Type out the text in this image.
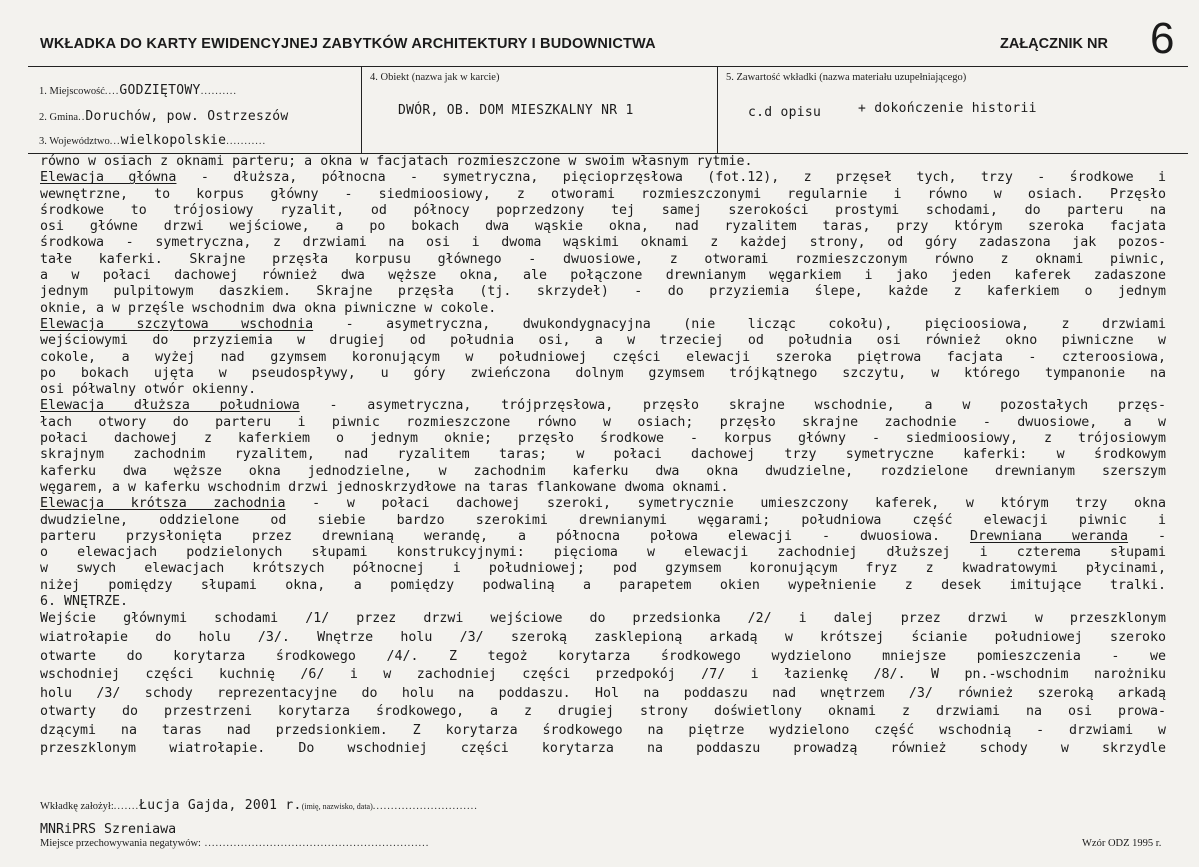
WKŁADKA DO KARTY EWIDENCYJNEJ ZABYTKÓW ARCHITEKTURY I BUDOWNICTWA	ZAŁĄCZNIK NR 6
1. Miejscowość....GODZIĘTOWY..........
2. Gmina..Doruchów, pow. Ostrzeszów
3. Województwo...wielkopolskie...........
4. Obiekt (nazwa jak w karcie)
DWÓR, OB. DOM MIESZKALNY NR 1
5. Zawartość wkładki (nazwa materiału uzupełniającego)
c.d opisu	+ dokończenie historii
równo w osiach z oknami parteru; a okna w facjatach rozmieszczone w swoim własnym rytmie.
Elewacja główna - dłuższa, północna - symetryczna, pięcioprzęsłowa (fot.12), z przęseł tych, trzy - środkowe i
wewnętrzne, to korpus główny - siedmioosiowy, z otworami rozmieszczonymi regularnie i równo w osiach. Przęsło
środkowe to trójosiowy ryzalit, od północy poprzedzony tej samej szerokości prostymi schodami, do parteru na
osi główne drzwi wejściowe, a po bokach dwa wąskie okna, nad ryzalitem taras, przy którym szeroka facjata
środkowa - symetryczna, z drzwiami na osi i dwoma wąskimi oknami z każdej strony, od góry zadaszona jak pozos-
tałe kaferki. Skrajne przęsła korpusu głównego - dwuosiowe, z otworami rozmieszczonym równo z oknami piwnic,
a w połaci dachowej również dwa węższe okna, ale połączone drewnianym węgarkiem i jako jeden kaferek zadaszone
jednym pulpitowym daszkiem. Skrajne przęsła (tj. skrzydeł) - do przyziemia ślepe, każde z kaferkiem o jednym
oknie, a w przęśle wschodnim dwa okna piwniczne w cokole.
Elewacja szczytowa wschodnia - asymetryczna, dwukondygnacyjna (nie licząc cokołu), pięcioosiowa, z drzwiami
wejściowymi do przyziemia w drugiej od południa osi, a w trzeciej od południa osi również okno piwniczne w
cokole, a wyżej nad gzymsem koronującym w południowej części elewacji szeroka piętrowa facjata - czteroosiowa,
po bokach ujęta w pseudospływy, u góry zwieńczona dolnym gzymsem trójkątnego szczytu, w którego tympanonie na
osi półwalny otwór okienny.
Elewacja dłuższa południowa - asymetryczna, trójprzęsłowa, przęsło skrajne wschodnie, a w pozostałych przęs-
łach otwory do parteru i piwnic rozmieszczone równo w osiach; przęsło skrajne zachodnie - dwuosiowe, a w
połaci dachowej z kaferkiem o jednym oknie; przęsło środkowe - korpus główny - siedmioosiowy, z trójosiowym
skrajnym zachodnim ryzalitem, nad ryzalitem taras; w połaci dachowej trzy symetryczne kaferki: w środkowym
kaferku dwa węższe okna jednodzielne, w zachodnim kaferku dwa okna dwudzielne, rozdzielone drewnianym szerszym
węgarem, a w kaferku wschodnim drzwi jednoskrzydłowe na taras flankowane dwoma oknami.
Elewacja krótsza zachodnia - w połaci dachowej szeroki, symetrycznie umieszczony kaferek, w którym trzy okna
dwudzielne, oddzielone od siebie bardzo szerokimi drewnianymi węgarami; południowa część elewacji piwnic i
parteru przysłonięta przez drewnianą werandę, a północna połowa elewacji - dwuosiowa. Drewniana weranda -
o elewacjach podzielonych słupami konstrukcyjnymi: pięcioma w elewacji zachodniej dłuższej i czterema słupami
w swych elewacjach krótszych północnej i południowej; pod gzymsem koronującym fryz z kwadratowymi płycinami,
niżej pomiędzy słupami okna, a pomiędzy podwaliną a parapetem okien wypełnienie z desek imitujące tralki.
6. WNĘTRZE.
Wejście głównymi schodami /1/ przez drzwi wejściowe do przedsionka /2/ i dalej przez drzwi w przeszklonym
wiatrołapie do holu /3/. Wnętrze holu /3/ szeroką zasklepioną arkadą w krótszej ścianie południowej szeroko
otwarte do korytarza środkowego /4/. Z tegoż korytarza środkowego wydzielono mniejsze pomieszczenia - we
wschodniej części kuchnię /6/ i w zachodniej części przedpokój /7/ i łazienkę /8/. W pn.-wschodnim narożniku
holu /3/ schody reprezentacyjne do holu na poddaszu. Hol na poddaszu nad wnętrzem /3/ również szeroką arkadą
otwarty do przestrzeni korytarza środkowego, a z drugiej strony doświetlony oknami z drzwiami na osi prowa-
dzącymi na taras nad przedsionkiem. Z korytarza środkowego na piętrze wydzielono część wschodnią - drzwiami w
przeszklonym wiatrołapie. Do wschodniej części korytarza na poddaszu prowadzą również schody w skrzydle
Wkładkę założył:.......Łucja Gajda, 2001 r.(imię, nazwisko, data).............................
MNRiPRS Szreniawa
Miejsce przechowywania negatywów: ..............................................................	Wzór ODZ 1995 r.
